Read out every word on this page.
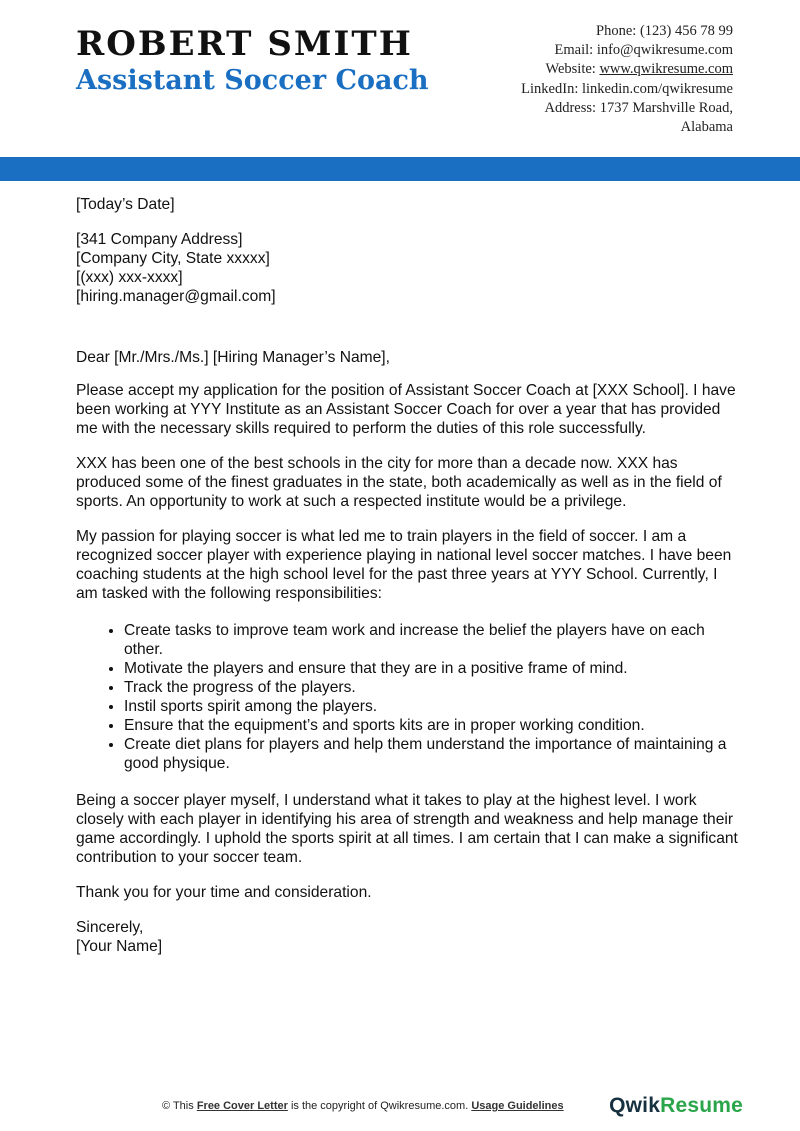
ROBERT SMITH
Assistant Soccer Coach
Phone: (123) 456 78 99
Email: info@qwikresume.com
Website: www.qwikresume.com
LinkedIn: linkedin.com/qwikresume
Address: 1737 Marshville Road,
Alabama

[Today’s Date]

[341 Company Address]

[Company City, State xxxxx]

[(xxx) xxx-xxxx]

[hiring.manager@gmail.com]

Dear [Mr./Mrs./Ms.] [Hiring Manager’s Name],

Please accept my application for the position of Assistant Soccer Coach at [XXX School]. I have been working at YYY Institute as an Assistant Soccer Coach for over a year that has provided me with the necessary skills required to perform the duties of this role successfully.

XXX has been one of the best schools in the city for more than a decade now. XXX has produced some of the finest graduates in the state, both academically as well as in the field of sports. An opportunity to work at such a respected institute would be a privilege.

My passion for playing soccer is what led me to train players in the field of soccer. I am a recognized soccer player with experience playing in national level soccer matches. I have been coaching students at the high school level for the past three years at YYY School. Currently, I am tasked with the following responsibilities:

• Create tasks to improve team work and increase the belief the players have on each other.
• Motivate the players and ensure that they are in a positive frame of mind.
• Track the progress of the players.
• Instil sports spirit among the players.
• Ensure that the equipment’s and sports kits are in proper working condition.
• Create diet plans for players and help them understand the importance of maintaining a good physique.

Being a soccer player myself, I understand what it takes to play at the highest level. I work closely with each player in identifying his area of strength and weakness and help manage their game accordingly. I uphold the sports spirit at all times. I am certain that I can make a significant contribution to your soccer team.

Thank you for your time and consideration.

Sincerely,

[Your Name]

© This Free Cover Letter is the copyright of Qwikresume.com. Usage Guidelines QwikResume
